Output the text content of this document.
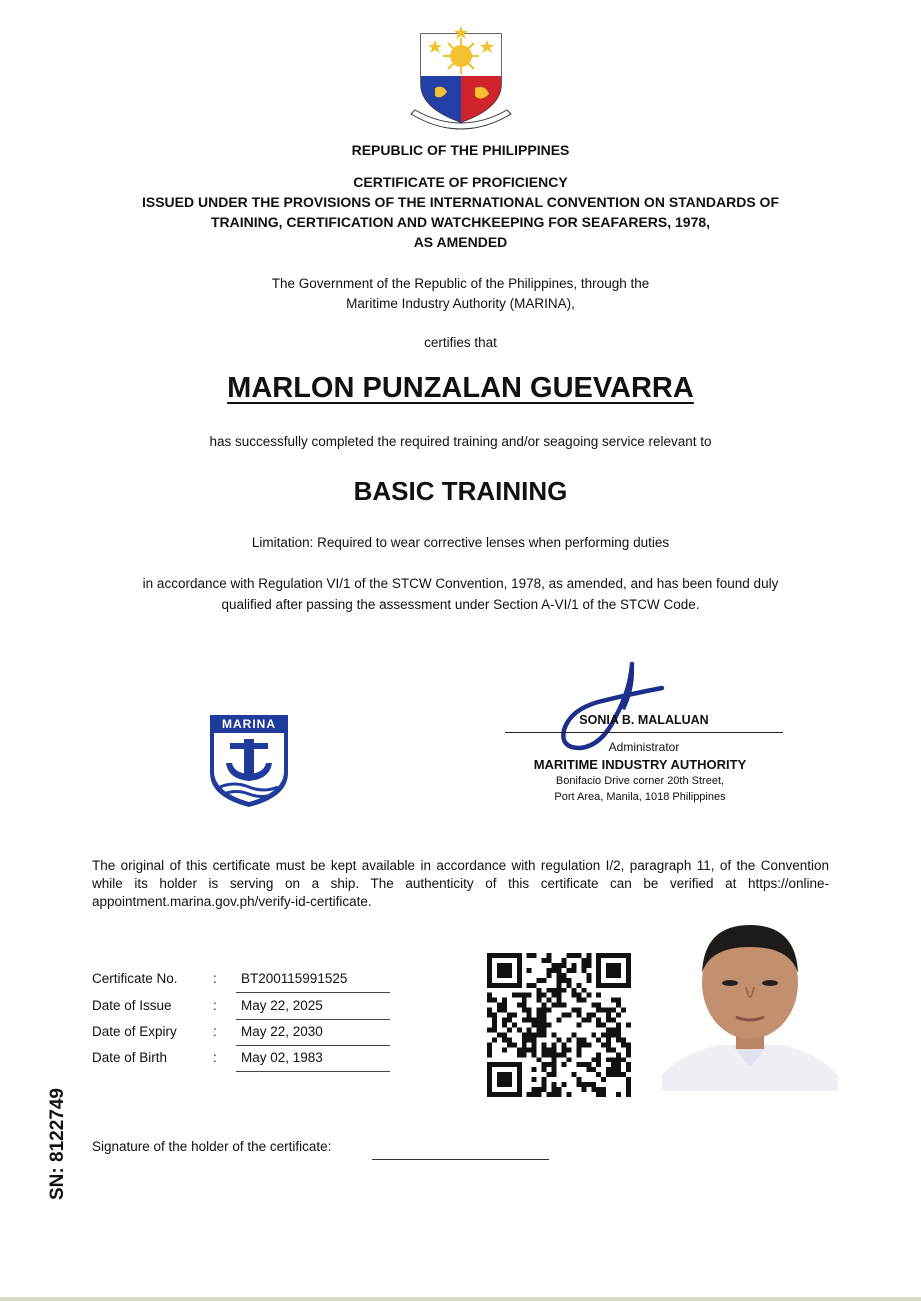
REPUBLIC OF THE PHILIPPINES
CERTIFICATE OF PROFICIENCY
ISSUED UNDER THE PROVISIONS OF THE INTERNATIONAL CONVENTION ON STANDARDS OF
TRAINING, CERTIFICATION AND WATCHKEEPING FOR SEAFARERS, 1978,
AS AMENDED
The Government of the Republic of the Philippines, through the
Maritime Industry Authority (MARINA),
certifies that
MARLON PUNZALAN GUEVARRA
has successfully completed the required training and/or seagoing service relevant to
BASIC TRAINING
Limitation: Required to wear corrective lenses when performing duties
in accordance with Regulation VI/1 of the STCW Convention, 1978, as amended, and has been found duly
qualified after passing the assessment under Section A-VI/1 of the STCW Code.
MARINA	SONIA B. MALALUAN
Administrator
MARITIME INDUSTRY AUTHORITY
Bonifacio Drive corner 20th Street,
Port Area, Manila, 1018 Philippines
The original of this certificate must be kept available in accordance with regulation I/2, paragraph 11, of the Convention while its holder is serving on a ship. The authenticity of this certificate can be verified at https://online-appointment.marina.gov.ph/verify-id-certificate.
Certificate No.	: BT200115991525
Date of Issue	: May 22, 2025
Date of Expiry	: May 22, 2030
Date of Birth	: May 02, 1983
Signature of the holder of the certificate:
SN: 8122749
